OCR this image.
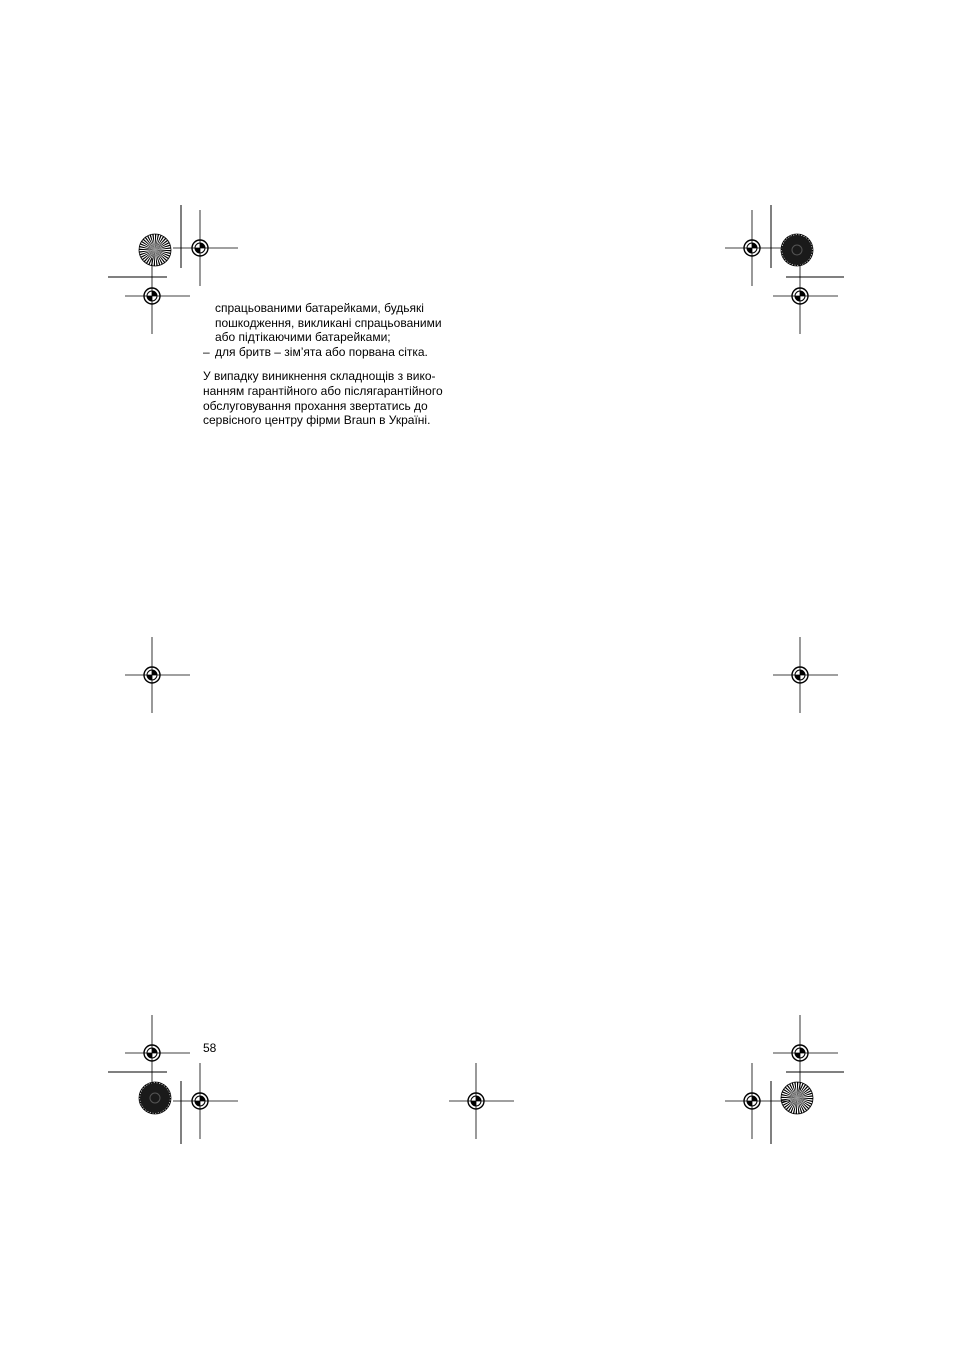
спрацьованими батарейками, будьякі
пошкодження, викликані спрацьованими
або підтікаючими батарейками;
– для бритв – зім’ята або порвана сітка.
У випадку виникнення складнощів з вико-
нанням гарантійного або післягарантійного
обслуговування прохання звертатись до
сервісного центру фірми Braun в Україні.
58
